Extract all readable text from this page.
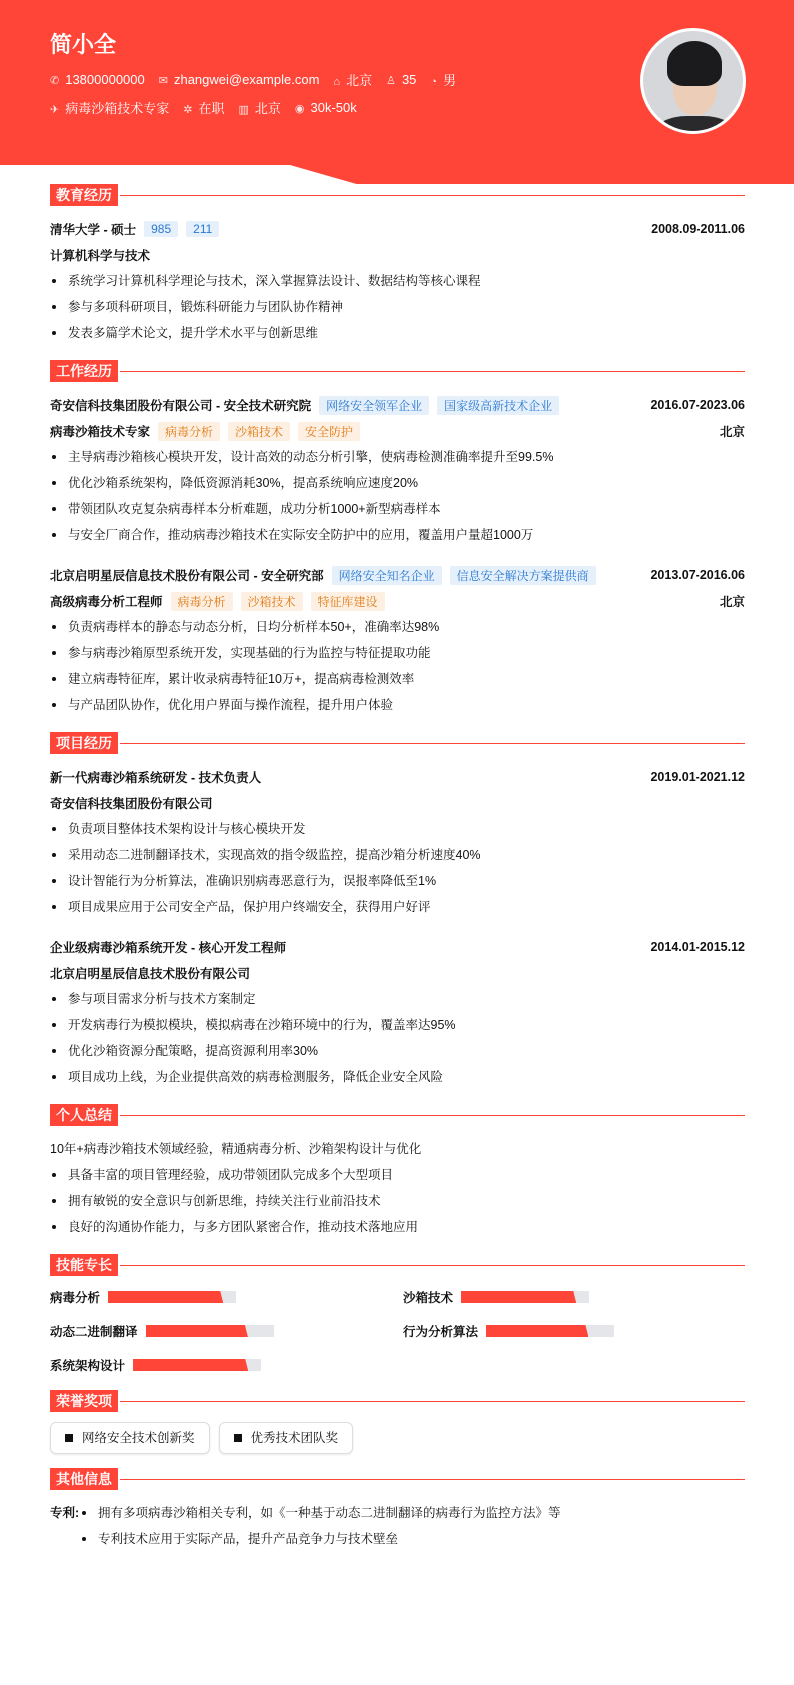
简小全
✆ 13800000000 ✉ zhangwei@example.com ⌂ 北京 ♙ 35 ◔ 男
✈ 病毒沙箱技术专家 ✲ 在职 ▥ 北京 ◉ 30k-50k
教育经历
清华大学 - 硕士	985	211	2008.09-2011.06
计算机科学与技术
系统学习计算机科学理论与技术，深入掌握算法设计、数据结构等核心课程
参与多项科研项目，锻炼科研能力与团队协作精神
发表多篇学术论文，提升学术水平与创新思维
工作经历
奇安信科技集团股份有限公司 - 安全技术研究院	网络安全领军企业	国家级高新技术企业	2016.07-2023.06
病毒沙箱技术专家	病毒分析	沙箱技术	安全防护	北京
主导病毒沙箱核心模块开发，设计高效的动态分析引擎，使病毒检测准确率提升至99.5%
优化沙箱系统架构，降低资源消耗30%，提高系统响应速度20%
带领团队攻克复杂病毒样本分析难题，成功分析1000+新型病毒样本
与安全厂商合作，推动病毒沙箱技术在实际安全防护中的应用，覆盖用户量超1000万
北京启明星辰信息技术股份有限公司 - 安全研究部	网络安全知名企业	信息安全解决方案提供商	2013.07-2016.06
高级病毒分析工程师	病毒分析	沙箱技术	特征库建设	北京
负责病毒样本的静态与动态分析，日均分析样本50+，准确率达98%
参与病毒沙箱原型系统开发，实现基础的行为监控与特征提取功能
建立病毒特征库，累计收录病毒特征10万+，提高病毒检测效率
与产品团队协作，优化用户界面与操作流程，提升用户体验
项目经历
新一代病毒沙箱系统研发 - 技术负责人	2019.01-2021.12
奇安信科技集团股份有限公司
负责项目整体技术架构设计与核心模块开发
采用动态二进制翻译技术，实现高效的指令级监控，提高沙箱分析速度40%
设计智能行为分析算法，准确识别病毒恶意行为，误报率降低至1%
项目成果应用于公司安全产品，保护用户终端安全，获得用户好评
企业级病毒沙箱系统开发 - 核心开发工程师	2014.01-2015.12
北京启明星辰信息技术股份有限公司
参与项目需求分析与技术方案制定
开发病毒行为模拟模块，模拟病毒在沙箱环境中的行为，覆盖率达95%
优化沙箱资源分配策略，提高资源利用率30%
项目成功上线，为企业提供高效的病毒检测服务，降低企业安全风险
个人总结
10年+病毒沙箱技术领域经验，精通病毒分析、沙箱架构设计与优化
具备丰富的项目管理经验，成功带领团队完成多个大型项目
拥有敏锐的安全意识与创新思维，持续关注行业前沿技术
良好的沟通协作能力，与多方团队紧密合作，推动技术落地应用
技能专长
病毒分析	沙箱技术
动态二进制翻译	行为分析算法
系统架构设计
荣誉奖项
网络安全技术创新奖	优秀技术团队奖
其他信息
专利:	拥有多项病毒沙箱相关专利，如《一种基于动态二进制翻译的病毒行为监控方法》等
专利技术应用于实际产品，提升产品竞争力与技术壁垒
